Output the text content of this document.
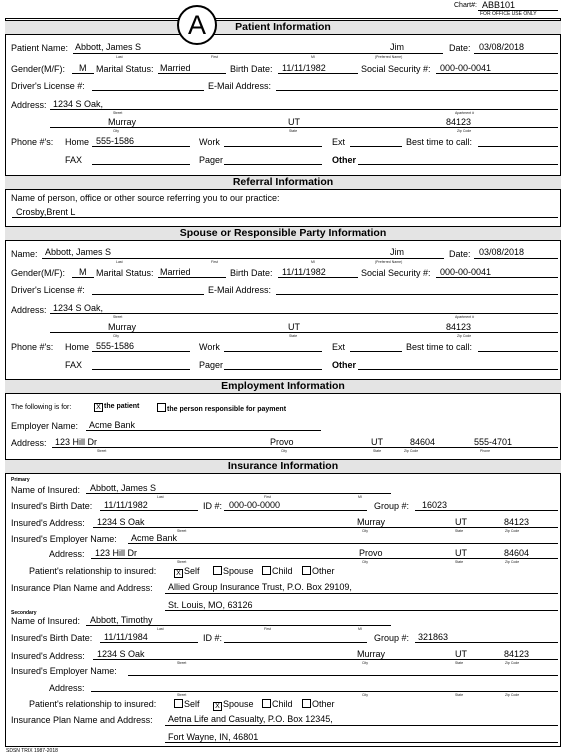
Chart#: ABB101
FOR OFFICE USE ONLY
Patient Information
A
Patient Name: Abbott, James S	Jim
Last	First	MI	(Preferred Name)
Date: 03/08/2018
Gender(M/F): M Marital Status: Married	Birth Date: 11/11/1982	Social Security #: 000-00-0041
Driver's License #:	E-Mail Address:
Address: 1234 S Oak,
Street	Apartment #
Murray	UT	84123
City	State	Zip Code
Phone #'s: Home 555-1586	Work	Ext	Best time to call:
FAX	Pager	Other
Referral Information
Name of person, office or other source referring you to our practice:
Crosby,Brent L
Spouse or Responsible Party Information
Name: Abbott, James S	Jim
Last	First	MI	(Preferred Name)
Date: 03/08/2018
Gender(M/F): M Marital Status: Married	Birth Date: 11/11/1982	Social Security #: 000-00-0041
Driver's License #:	E-Mail Address:
Address: 1234 S Oak,
Street	Apartment #
Murray	UT	84123
City	State	Zip Code
Phone #'s: Home 555-1586	Work	Ext	Best time to call:
FAX	Pager	Other
Employment Information
The following is for:	X the patient	the person responsible for payment
Employer Name: Acme Bank
Address: 123 Hill Dr	Provo	UT	84604	555-4701
Street	City	State	Zip Code	Phone
Insurance Information
Primary
Name of Insured: Abbott, James S
Last	First	MI
Insured's Birth Date: 11/11/1982	ID #: 000-00-0000	Group #: 16023
Insured's Address: 1234 S Oak	Murray	UT	84123
Street	City	State	Zip Code
Insured's Employer Name: Acme Bank
Address: 123 Hill Dr	Provo	UT	84604
Street	City	State	Zip Code
Patient's relationship to insured:	X Self	Spouse	Child	Other
Insurance Plan Name and Address: Allied Group Insurance Trust, P.O. Box 29109,
St. Louis, MO, 63126
Secondary
Name of Insured: Abbott, Timothy
Last	First	MI
Insured's Birth Date: 11/11/1984	ID #:	Group #: 321863
Insured's Address: 1234 S Oak	Murray	UT	84123
Street	City	State	Zip Code
Insured's Employer Name:
Address:
Street	City	State	Zip Code
Patient's relationship to insured:	Self	X Spouse	Child	Other
Insurance Plan Name and Address: Aetna Life and Casualty, P.O. Box 12345,
Fort Wayne, IN, 46801
SDSN TRIX 1987-2018
